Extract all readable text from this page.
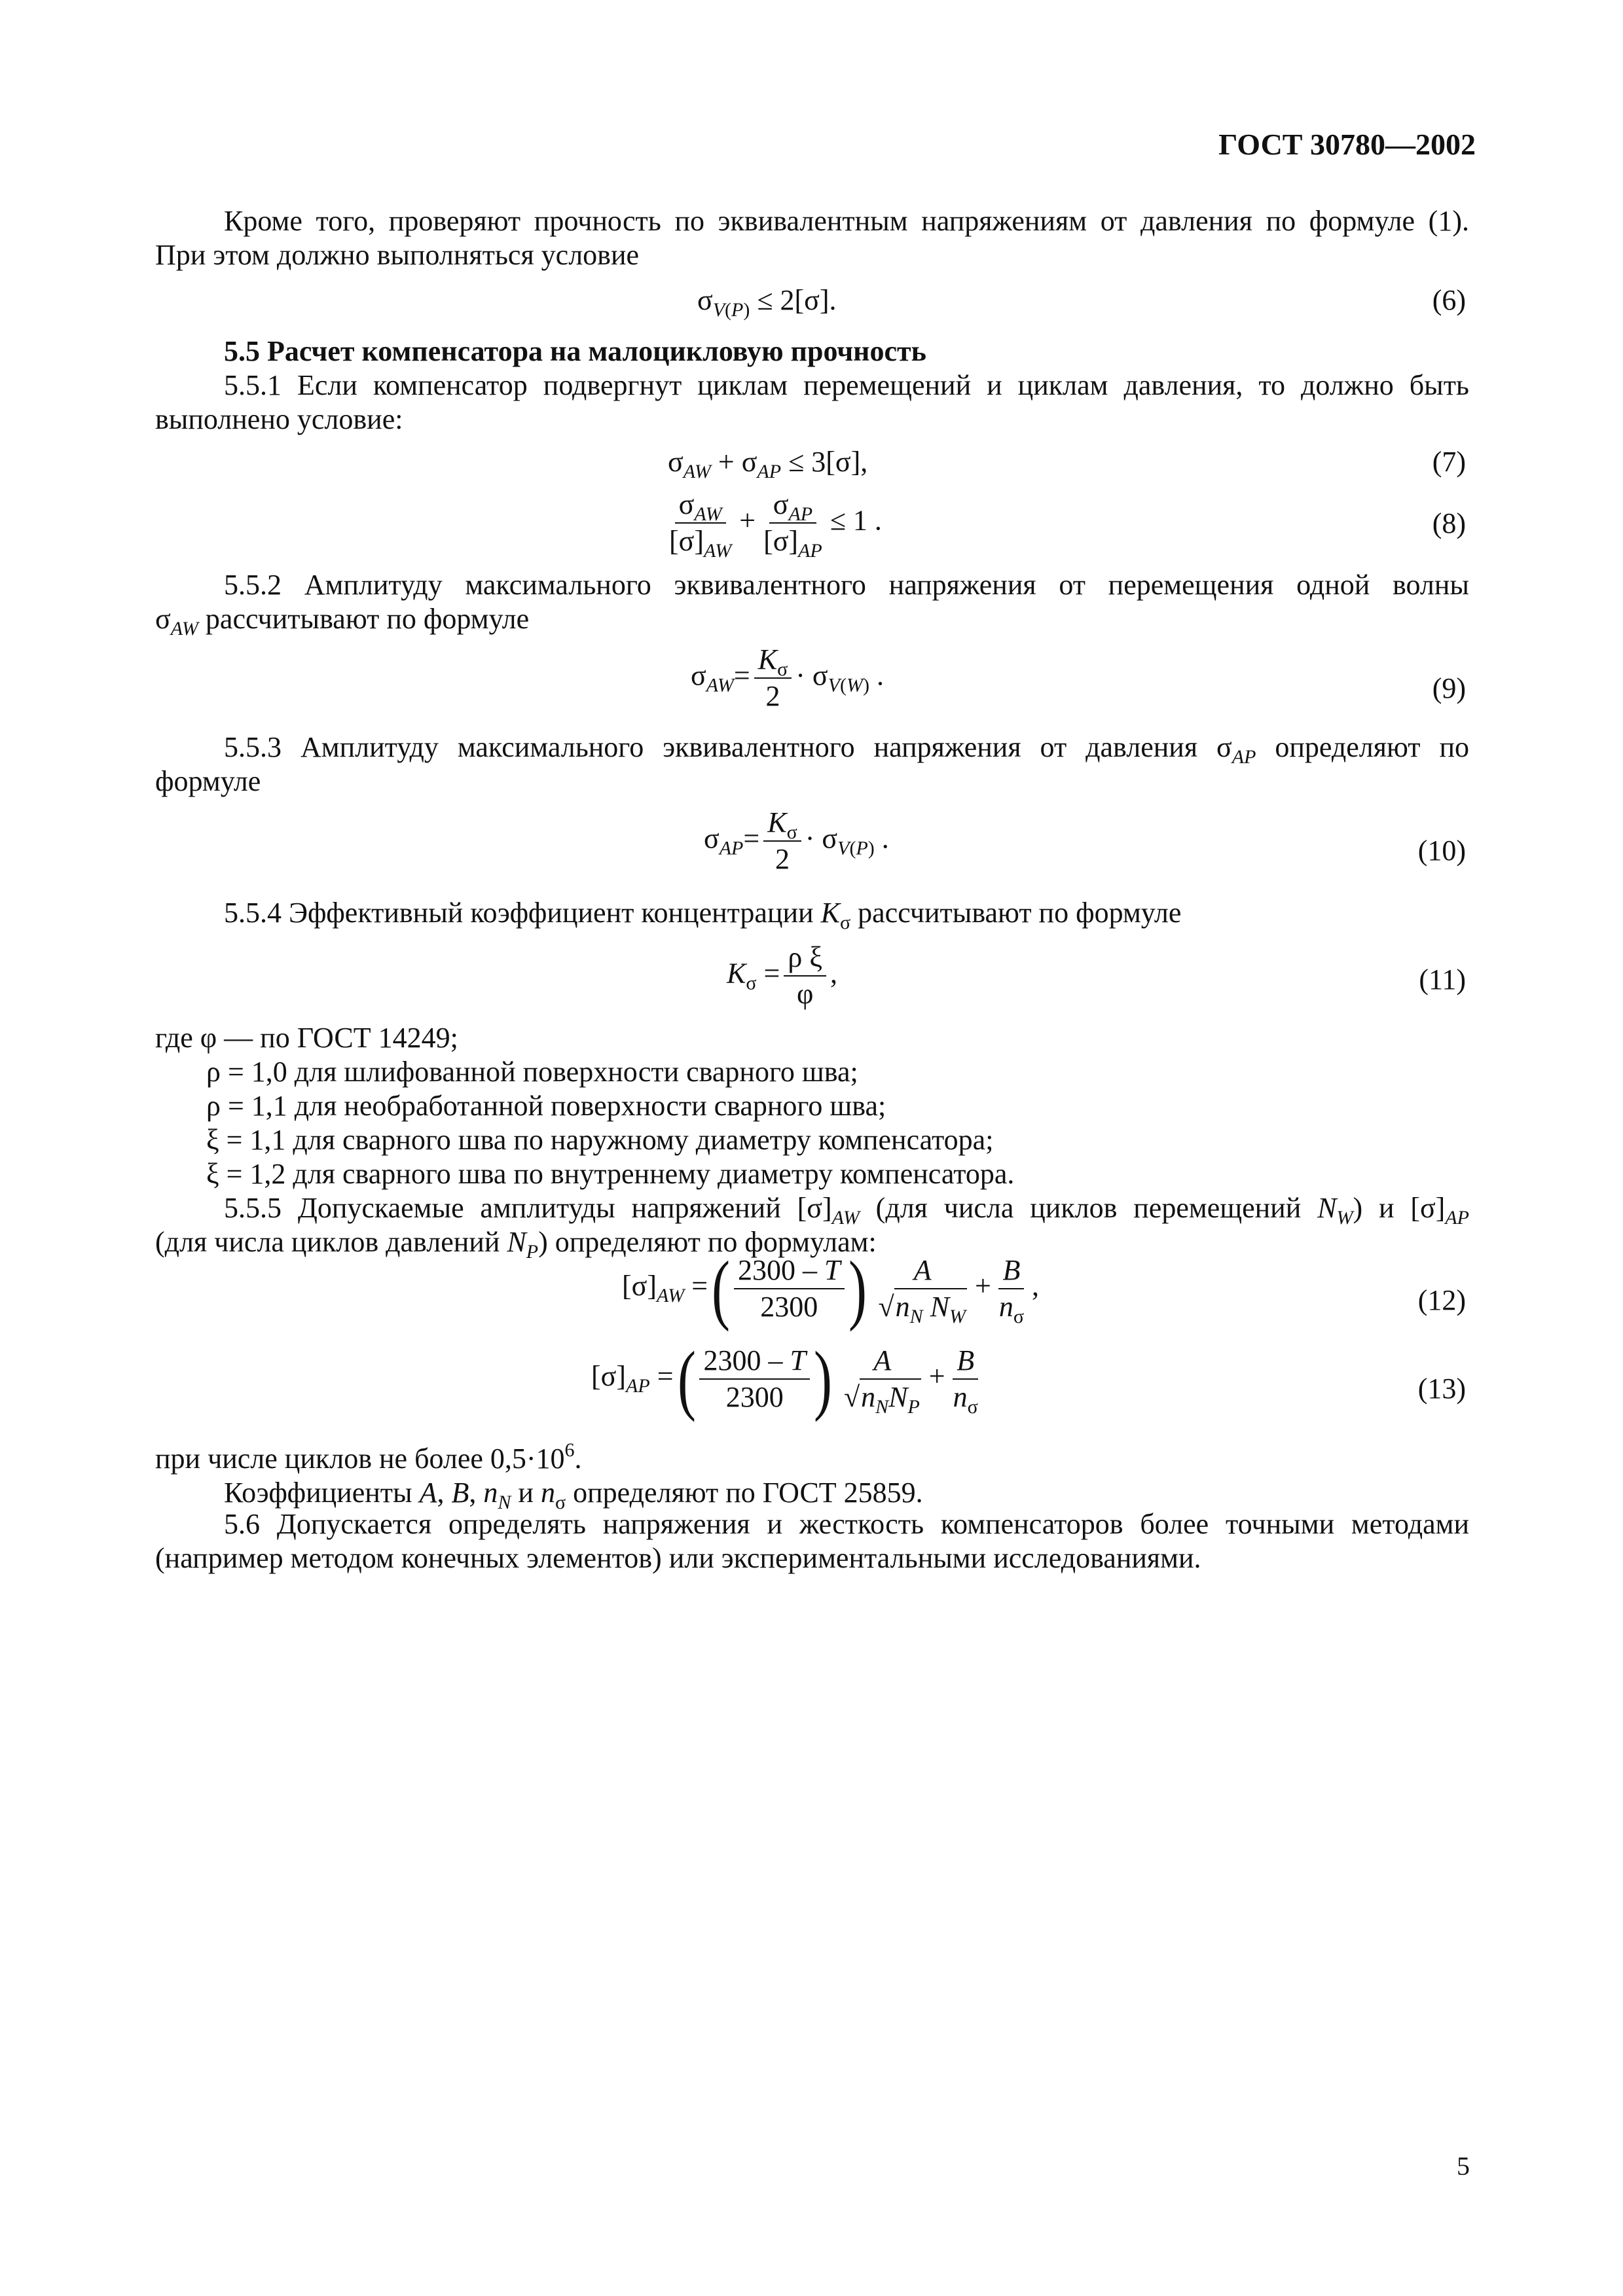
ГОСТ 30780—2002
Кроме того, проверяют прочность по эквивалентным напряжениям от давления по формуле (1).
При этом должно выполняться условие
$\sigma_{V(P)} \le 2[\sigma]$.	(6)
5.5 Расчет компенсатора на малоцикловую прочность
5.5.1 Если компенсатор подвергнут циклам перемещений и циклам давления, то должно быть
выполнено условие:
$\sigma_{AW} + \sigma_{AP} \le 3[\sigma]$,	(7)
$\frac{\sigma_{AW}}{[\sigma]_{AW}} + \frac{\sigma_{AP}}{[\sigma]_{AP}} \le 1$ .	(8)
5.5.2 Амплитуду максимального эквивалентного напряжения от перемещения одной волны
$\sigma_{AW}$ рассчитывают по формуле
$\sigma_{AW}= \frac{K_\sigma}{2} \cdot \sigma_{V(W)}$ .	(9)
5.5.3 Амплитуду максимального эквивалентного напряжения от давления $\sigma_{AP}$ определяют по
формуле
$\sigma_{AP}= \frac{K_\sigma}{2} \cdot \sigma_{V(P)}$ .	(10)
5.5.4 Эффективный коэффициент концентрации $K_\sigma$ рассчитывают по формуле
$K_\sigma = \frac{\text{ρ ξ}}{\varphi}$ ,	(11)
где φ — по ГОСТ 14249;
ρ = 1,0 для шлифованной поверхности сварного шва;
ρ = 1,1 для необработанной поверхности сварного шва;
ξ = 1,1 для сварного шва по наружному диаметру компенсатора;
ξ = 1,2 для сварного шва по внутреннему диаметру компенсатора.
5.5.5 Допускаемые амплитуды напряжений $[\sigma]_{AW}$ (для числа циклов перемещений $N_W$) и $[\sigma]_{AP}$
(для числа циклов давлений $N_P$) определяют по формулам:
$[\sigma]_{AW}$ =( $\frac{2300 - T}{2300}$ ) $\frac{A}{√n_N N_W} + \frac{B}{n_\sigma}$ ,	(12)
$[\sigma]_{AP}$ =( $\frac{2300 - T}{2300}$ ) $\frac{A}{√n_NN_P} + \frac{B}{n_\sigma}$	(13)
при числе циклов не более $0,5\cdot 10^6$.
Коэффициенты A, B, $n_N$ и $n_\sigma$ определяют по ГОСТ 25859.
5.6 Допускается определять напряжения и жесткость компенсаторов более точными методами
(например методом конечных элементов) или экспериментальными исследованиями.
5
